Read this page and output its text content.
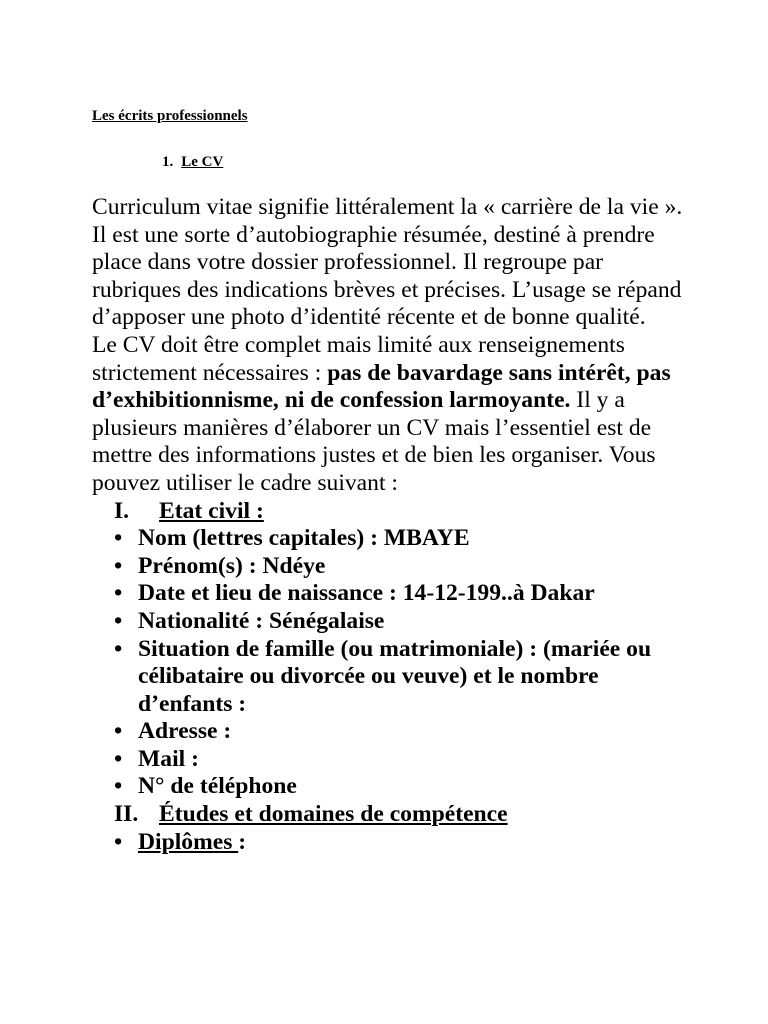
Les écrits professionnels
1. Le CV

Curriculum vitae signifie littéralement la « carrière de la vie ». Il est une sorte d’autobiographie résumée, destiné à prendre place dans votre dossier professionnel. Il regroupe par rubriques des indications brèves et précises. L’usage se répand d’apposer une photo d’identité récente et de bonne qualité.

Le CV doit être complet mais limité aux renseignements strictement nécessaires : pas de bavardage sans intérêt, pas d’exhibitionnisme, ni de confession larmoyante. Il y a plusieurs manières d’élaborer un CV mais l’essentiel est de mettre des informations justes et de bien les organiser. Vous pouvez utiliser le cadre suivant :

I.	Etat civil :
• Nom (lettres capitales) : MBAYE
• Prénom(s) : Ndéye
• Date et lieu de naissance : 14-12-199..à Dakar
• Nationalité : Sénégalaise
• Situation de famille (ou matrimoniale) : (mariée ou célibataire ou divorcée ou veuve) et le nombre d’enfants :
• Adresse :
• Mail :
• N° de téléphone
II. Études et domaines de compétence
• Diplômes :
